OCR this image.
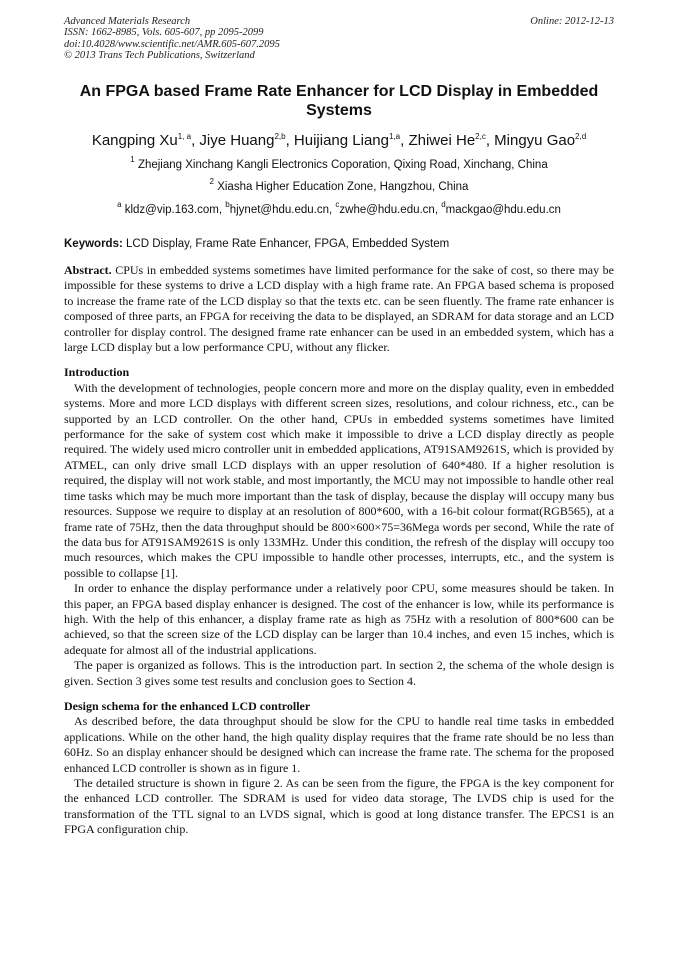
Advanced Materials Research
ISSN: 1662-8985, Vols. 605-607, pp 2095-2099
doi:10.4028/www.scientific.net/AMR.605-607.2095
© 2013 Trans Tech Publications, Switzerland
Online: 2012-12-13
An FPGA based Frame Rate Enhancer for LCD Display in Embedded Systems
Kangping Xu$^{1, a}$, Jiye Huang$^{2,b}$, Huijiang Liang$^{1,a}$, Zhiwei He$^{2,c}$, Mingyu Gao$^{2,d}$
$^1$ Zhejiang Xinchang Kangli Electronics Coporation, Qixing Road, Xinchang, China
$^2$ Xiasha Higher Education Zone, Hangzhou, China
$^a$ kldz@vip.163.com, $^b$hjynet@hdu.edu.cn, $^c$zwhe@hdu.edu.cn, $^d$mackgao@hdu.edu.cn
Keywords: LCD Display, Frame Rate Enhancer, FPGA, Embedded System

Abstract. CPUs in embedded systems sometimes have limited performance for the sake of cost, so there may be impossible for these systems to drive a LCD display with a high frame rate. An FPGA based schema is proposed to increase the frame rate of the LCD display so that the texts etc. can be seen fluently. The frame rate enhancer is composed of three parts, an FPGA for receiving the data to be displayed, an SDRAM for data storage and an LCD controller for display control. The designed frame rate enhancer can be used in an embedded system, which has a large LCD display but a low performance CPU, without any flicker.

Introduction

With the development of technologies, people concern more and more on the display quality, even in embedded systems. More and more LCD displays with different screen sizes, resolutions, and colour richness, etc., can be supported by an LCD controller. On the other hand, CPUs in embedded systems sometimes have limited performance for the sake of system cost which make it impossible to drive a LCD display directly as people required. The widely used micro controller unit in embedded applications, AT91SAM9261S, which is provided by ATMEL, can only drive small LCD displays with an upper resolution of 640*480. If a higher resolution is required, the display will not work stable, and most importantly, the MCU may not impossible to handle other real time tasks which may be much more important than the task of display, because the display will occupy many bus resources. Suppose we require to display at an resolution of 800*600, with a 16-bit colour format(RGB565), at a frame rate of 75Hz, then the data throughput should be 800×600×75=36Mega words per second, While the rate of the data bus for AT91SAM9261S is only 133MHz. Under this condition, the refresh of the display will occupy too much resources, which makes the CPU impossible to handle other processes, interrupts, etc., and the system is possible to collapse [1].

In order to enhance the display performance under a relatively poor CPU, some measures should be taken. In this paper, an FPGA based display enhancer is designed. The cost of the enhancer is low, while its performance is high. With the help of this enhancer, a display frame rate as high as 75Hz with a resolution of 800*600 can be achieved, so that the screen size of the LCD display can be larger than 10.4 inches, and even 15 inches, which is adequate for almost all of the industrial applications.

The paper is organized as follows. This is the introduction part. In section 2, the schema of the whole design is given. Section 3 gives some test results and conclusion goes to Section 4.

Design schema for the enhanced LCD controller

As described before, the data throughput should be slow for the CPU to handle real time tasks in embedded applications. While on the other hand, the high quality display requires that the frame rate should be no less than 60Hz. So an display enhancer should be designed which can increase the frame rate. The schema for the proposed enhanced LCD controller is shown as in figure 1.

The detailed structure is shown in figure 2. As can be seen from the figure, the FPGA is the key component for the enhanced LCD controller. The SDRAM is used for video data storage, The LVDS chip is used for the transformation of the TTL signal to an LVDS signal, which is good at long distance transfer. The EPCS1 is an FPGA configuration chip.
